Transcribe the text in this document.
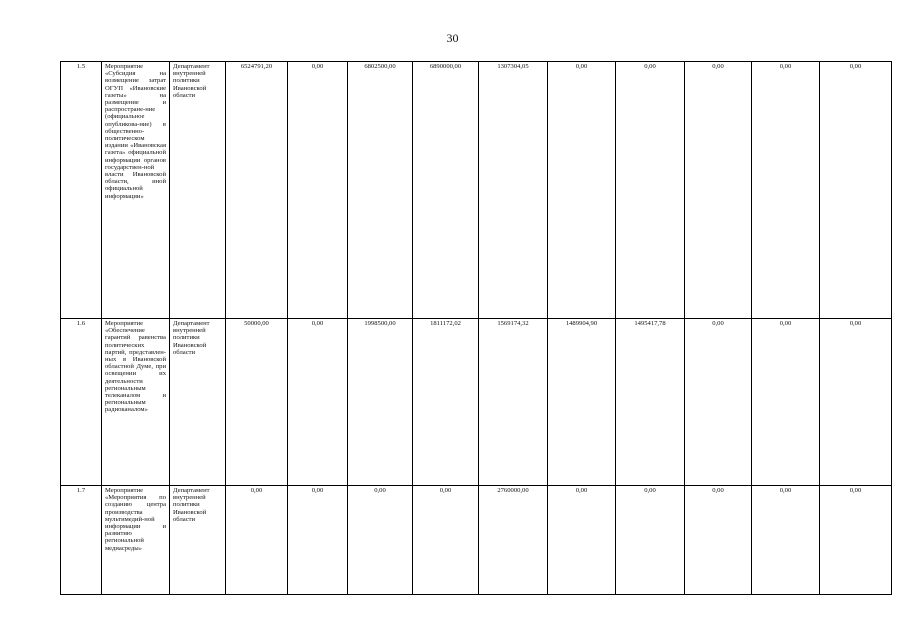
30
1.5	Мероприятие «Субсидия на возмещение затрат ОГУП «Ивановские газеты» на размещение и распростране-ние (официальное опубликова-ние) в общественно-политическом издании «Ивановская газета» официальной информации органов государствен-ной власти Ивановской области, иной официальной информации»	Департамент внутренней политики Ивановской области	6524791,20	0,00	6802500,00	6890000,00	1307304,05	0,00	0,00	0,00	0,00	0,00
1.6	Мероприятие «Обеспечение гарантий равенства политических партий, представлен-ных в Ивановской областной Думе, при освещении их деятельности региональным телеканалом и региональным радиоканалом»	Департамент внутренней политики Ивановской области	50000,00	0,00	1998500,00	1811172,02	1569174,32	1489904,90	1495417,78	0,00	0,00	0,00
1.7	Мероприятие «Мероприятия по созданию центра производства мультимедий-ной информации и развитию региональной медиасреды»	Департамент внутренней политики Ивановской области	0,00	0,00	0,00	0,00	2760000,00	0,00	0,00	0,00	0,00	0,00
